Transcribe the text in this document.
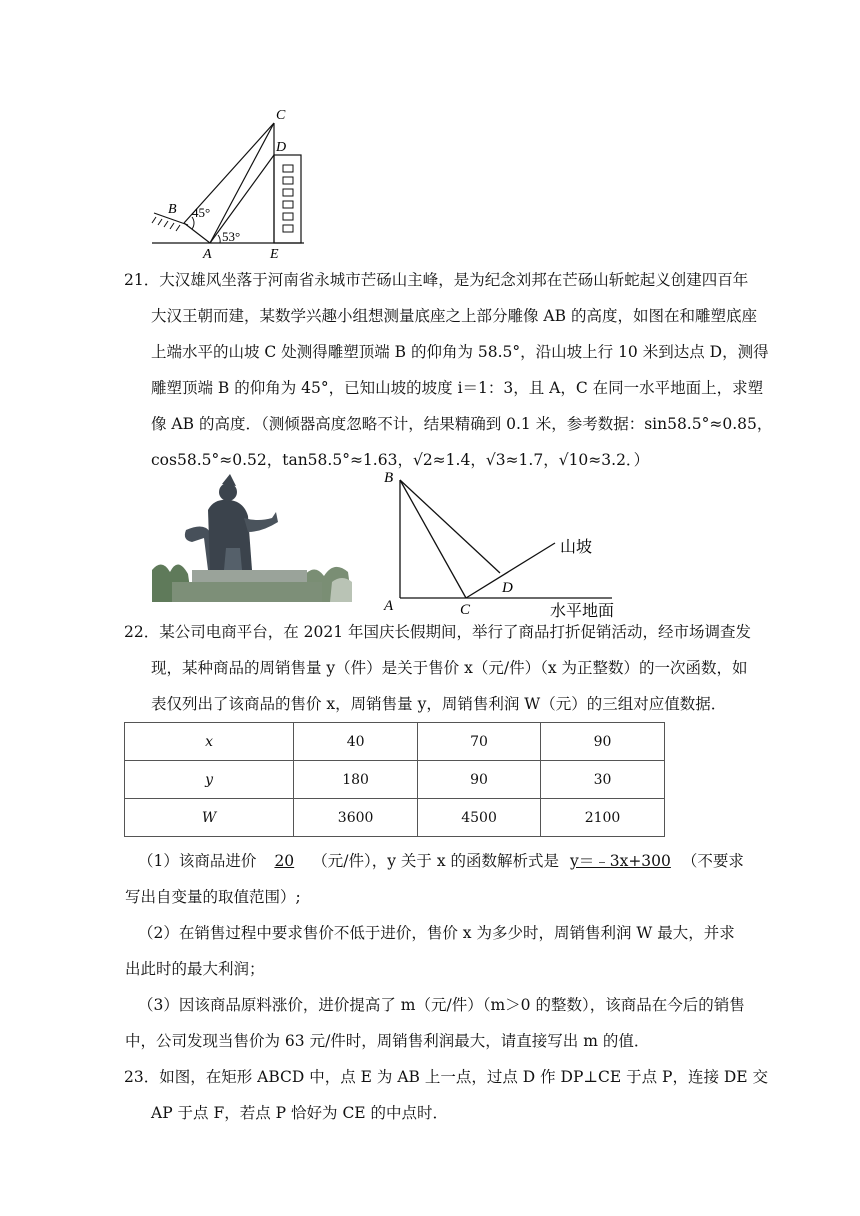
C
D
B
A	E
45°
53°
21．大汉雄风坐落于河南省永城市芒砀山主峰，是为纪念刘邦在芒砀山斩蛇起义创建四百年
大汉王朝而建，某数学兴趣小组想测量底座之上部分雕像 AB 的高度，如图在和雕塑底座
上端水平的山坡 C 处测得雕塑顶端 B 的仰角为 58.5°，沿山坡上行 10 米到达点 D，测得
雕塑顶端 B 的仰角为 45°，已知山坡的坡度 i＝1：3，且 A，C 在同一水平地面上，求塑
像 AB 的高度．（测倾器高度忽略不计，结果精确到 0.1 米，参考数据：sin58.5°≈0.85，
cos58.5°≈0.52，tan58.5°≈1.63，√2≈1.4，√3≈1.7，√10≈3.2．）
B
A	C
D
山坡
水平地面
22．某公司电商平台，在 2021 年国庆长假期间，举行了商品打折促销活动，经市场调查发
现，某种商品的周销售量 y（件）是关于售价 x（元/件）（x 为正整数）的一次函数，如
表仅列出了该商品的售价 x，周销售量 y，周销售利润 W（元）的三组对应值数据．
x	40	70	90
y	180	90	30
W	3600	4500	2100
（1）该商品进价 20 （元/件），y 关于 x 的函数解析式是 y＝﹣3x+300 （不要求
写出自变量的取值范围）;
（2）在销售过程中要求售价不低于进价，售价 x 为多少时，周销售利润 W 最大，并求
出此时的最大利润；
（3）因该商品原料涨价，进价提高了 m（元/件）（m＞0 的整数），该商品在今后的销售
中，公司发现当售价为 63 元/件时，周销售利润最大，请直接写出 m 的值．
23．如图，在矩形 ABCD 中，点 E 为 AB 上一点，过点 D 作 DP⊥CE 于点 P，连接 DE 交
AP 于点 F，若点 P 恰好为 CE 的中点时．
